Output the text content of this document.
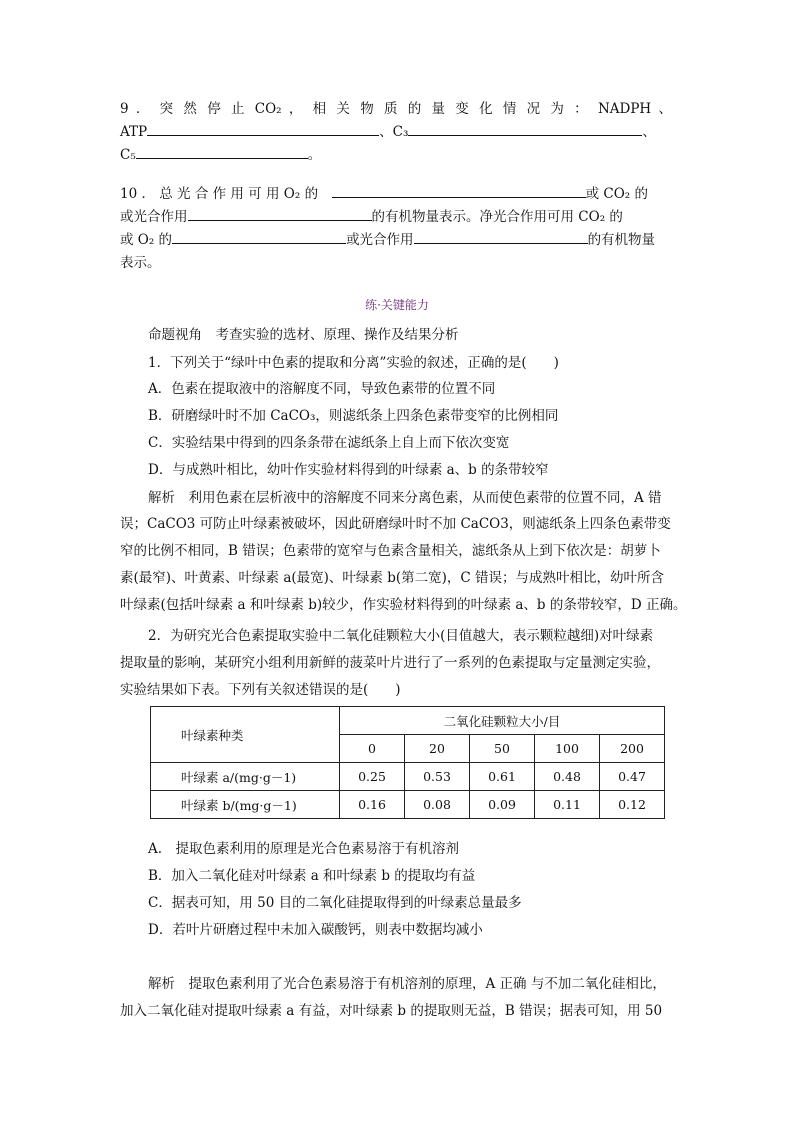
9 ． 突 然 停 止 CO₂ ， 相 关 物 质 的 量 变 化 情 况 为 ： NADPH 、
ATP	、C₃	、
C₅	。
10 ． 总 光 合 作 用 可 用 O₂ 的　	或 CO₂ 的
或光合作用	的有机物量表示。净光合作用可用 CO₂ 的
或 O₂ 的	或光合作用	的有机物量
表示。
练·关键能力
命题视角　考查实验的选材、原理、操作及结果分析
1．下列关于“绿叶中色素的提取和分离”实验的叙述，正确的是(　　)
A．色素在提取液中的溶解度不同，导致色素带的位置不同
B．研磨绿叶时不加 CaCO₃，则滤纸条上四条色素带变窄的比例相同
C．实验结果中得到的四条条带在滤纸条上自上而下依次变宽
D．与成熟叶相比，幼叶作实验材料得到的叶绿素 a、b 的条带较窄
解析　利用色素在层析液中的溶解度不同来分离色素，从而使色素带的位置不同，A 错
误；CaCO3 可防止叶绿素被破坏，因此研磨绿叶时不加 CaCO3，则滤纸条上四条色素带变
窄的比例不相同，B 错误；色素带的宽窄与色素含量相关，滤纸条从上到下依次是：胡萝卜
素(最窄)、叶黄素、叶绿素 a(最宽)、叶绿素 b(第二宽)，C 错误；与成熟叶相比，幼叶所含
叶绿素(包括叶绿素 a 和叶绿素 b)较少，作实验材料得到的叶绿素 a、b 的条带较窄，D 正确。
2．为研究光合色素提取实验中二氧化硅颗粒大小(目值越大，表示颗粒越细)对叶绿素
提取量的影响，某研究小组利用新鲜的菠菜叶片进行了一系列的色素提取与定量测定实验，
实验结果如下表。下列有关叙述错误的是(　　)
叶绿素种类	二氧化硅颗粒大小/目				
	0	20	50	100	200
叶绿素 a/(mg·g－1)	0.25	0.53	0.61	0.48	0.47
叶绿素 b/(mg·g－1)	0.16	0.08	0.09	0.11	0.12
A.　提取色素利用的原理是光合色素易溶于有机溶剂
B．加入二氧化硅对叶绿素 a 和叶绿素 b 的提取均有益
C．据表可知，用 50 目的二氧化硅提取得到的叶绿素总量最多
D．若叶片研磨过程中未加入碳酸钙，则表中数据均减小
解析　提取色素利用了光合色素易溶于有机溶剂的原理，A 正确 与不加二氧化硅相比，
加入二氧化硅对提取叶绿素 a 有益，对叶绿素 b 的提取则无益，B 错误；据表可知，用 50
